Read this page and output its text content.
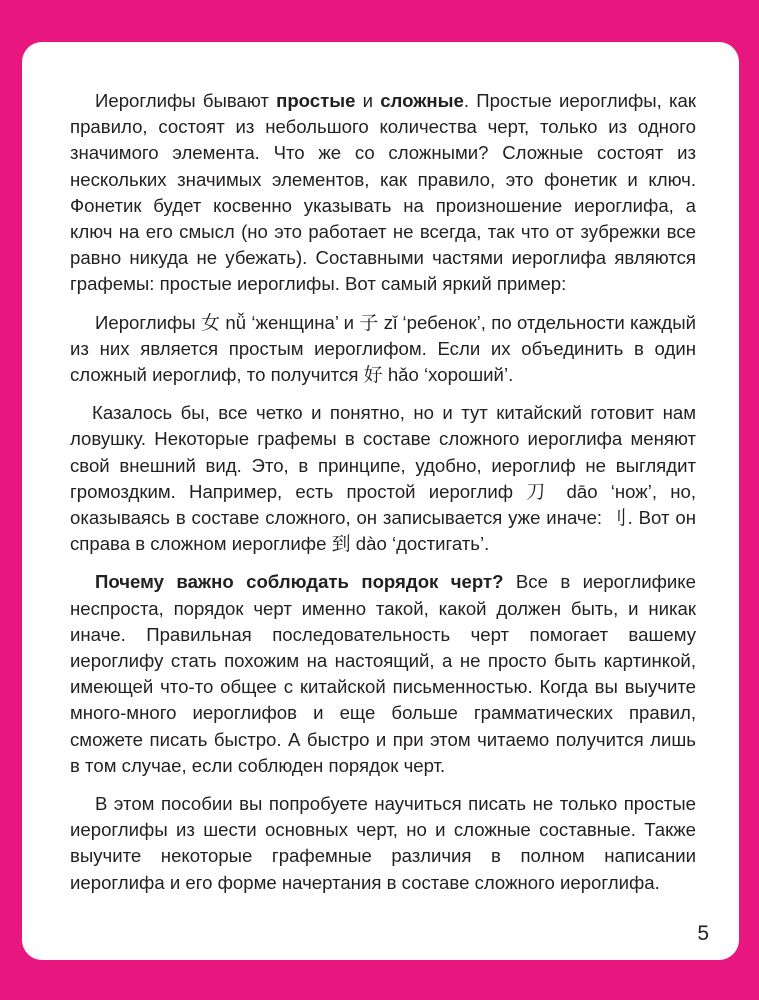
Иероглифы бывают простые и сложные. Простые иероглифы, как правило, состоят из небольшого количества черт, только из одного значимого элемента. Что же со сложными? Сложные состоят из нескольких значимых элементов, как правило, это фонетик и ключ. Фонетик будет косвенно указывать на произношение иероглифа, а ключ на его смысл (но это работает не всегда, так что от зубрежки все равно никуда не убежать). Составными частями иероглифа являются графемы: простые иероглифы. Вот самый яркий пример:

Иероглифы 女 nǚ ‘женщина’ и 子 zǐ ‘ребенок’, по отдельности каждый из них является простым иероглифом. Если их объединить в один сложный иероглиф, то получится 好 hǎo ‘хороший’.

Казалось бы, все четко и понятно, но и тут китайский готовит нам ловушку. Некоторые графемы в составе сложного иероглифа меняют свой внешний вид. Это, в принципе, удобно, иероглиф не выглядит громоздким. Например, есть простой иероглиф 刀 dāo ‘нож’, но, оказываясь в составе сложного, он записывается уже иначе: 刂. Вот он справа в сложном иероглифе 到 dào ‘достигать’.

Почему важно соблюдать порядок черт? Все в иероглифике неспроста, порядок черт именно такой, какой должен быть, и никак иначе. Правильная последовательность черт помогает вашему иероглифу стать похожим на настоящий, а не просто быть картинкой, имеющей что-то общее с китайской письменностью. Когда вы выучите много-много иероглифов и еще больше грамматических правил, сможете писать быстро. А быстро и при этом читаемо получится лишь в том случае, если соблюден порядок черт.

В этом пособии вы попробуете научиться писать не только простые иероглифы из шести основных черт, но и сложные составные. Также выучите некоторые графемные различия в полном написании иероглифа и его форме начертания в составе сложного иероглифа.

5
